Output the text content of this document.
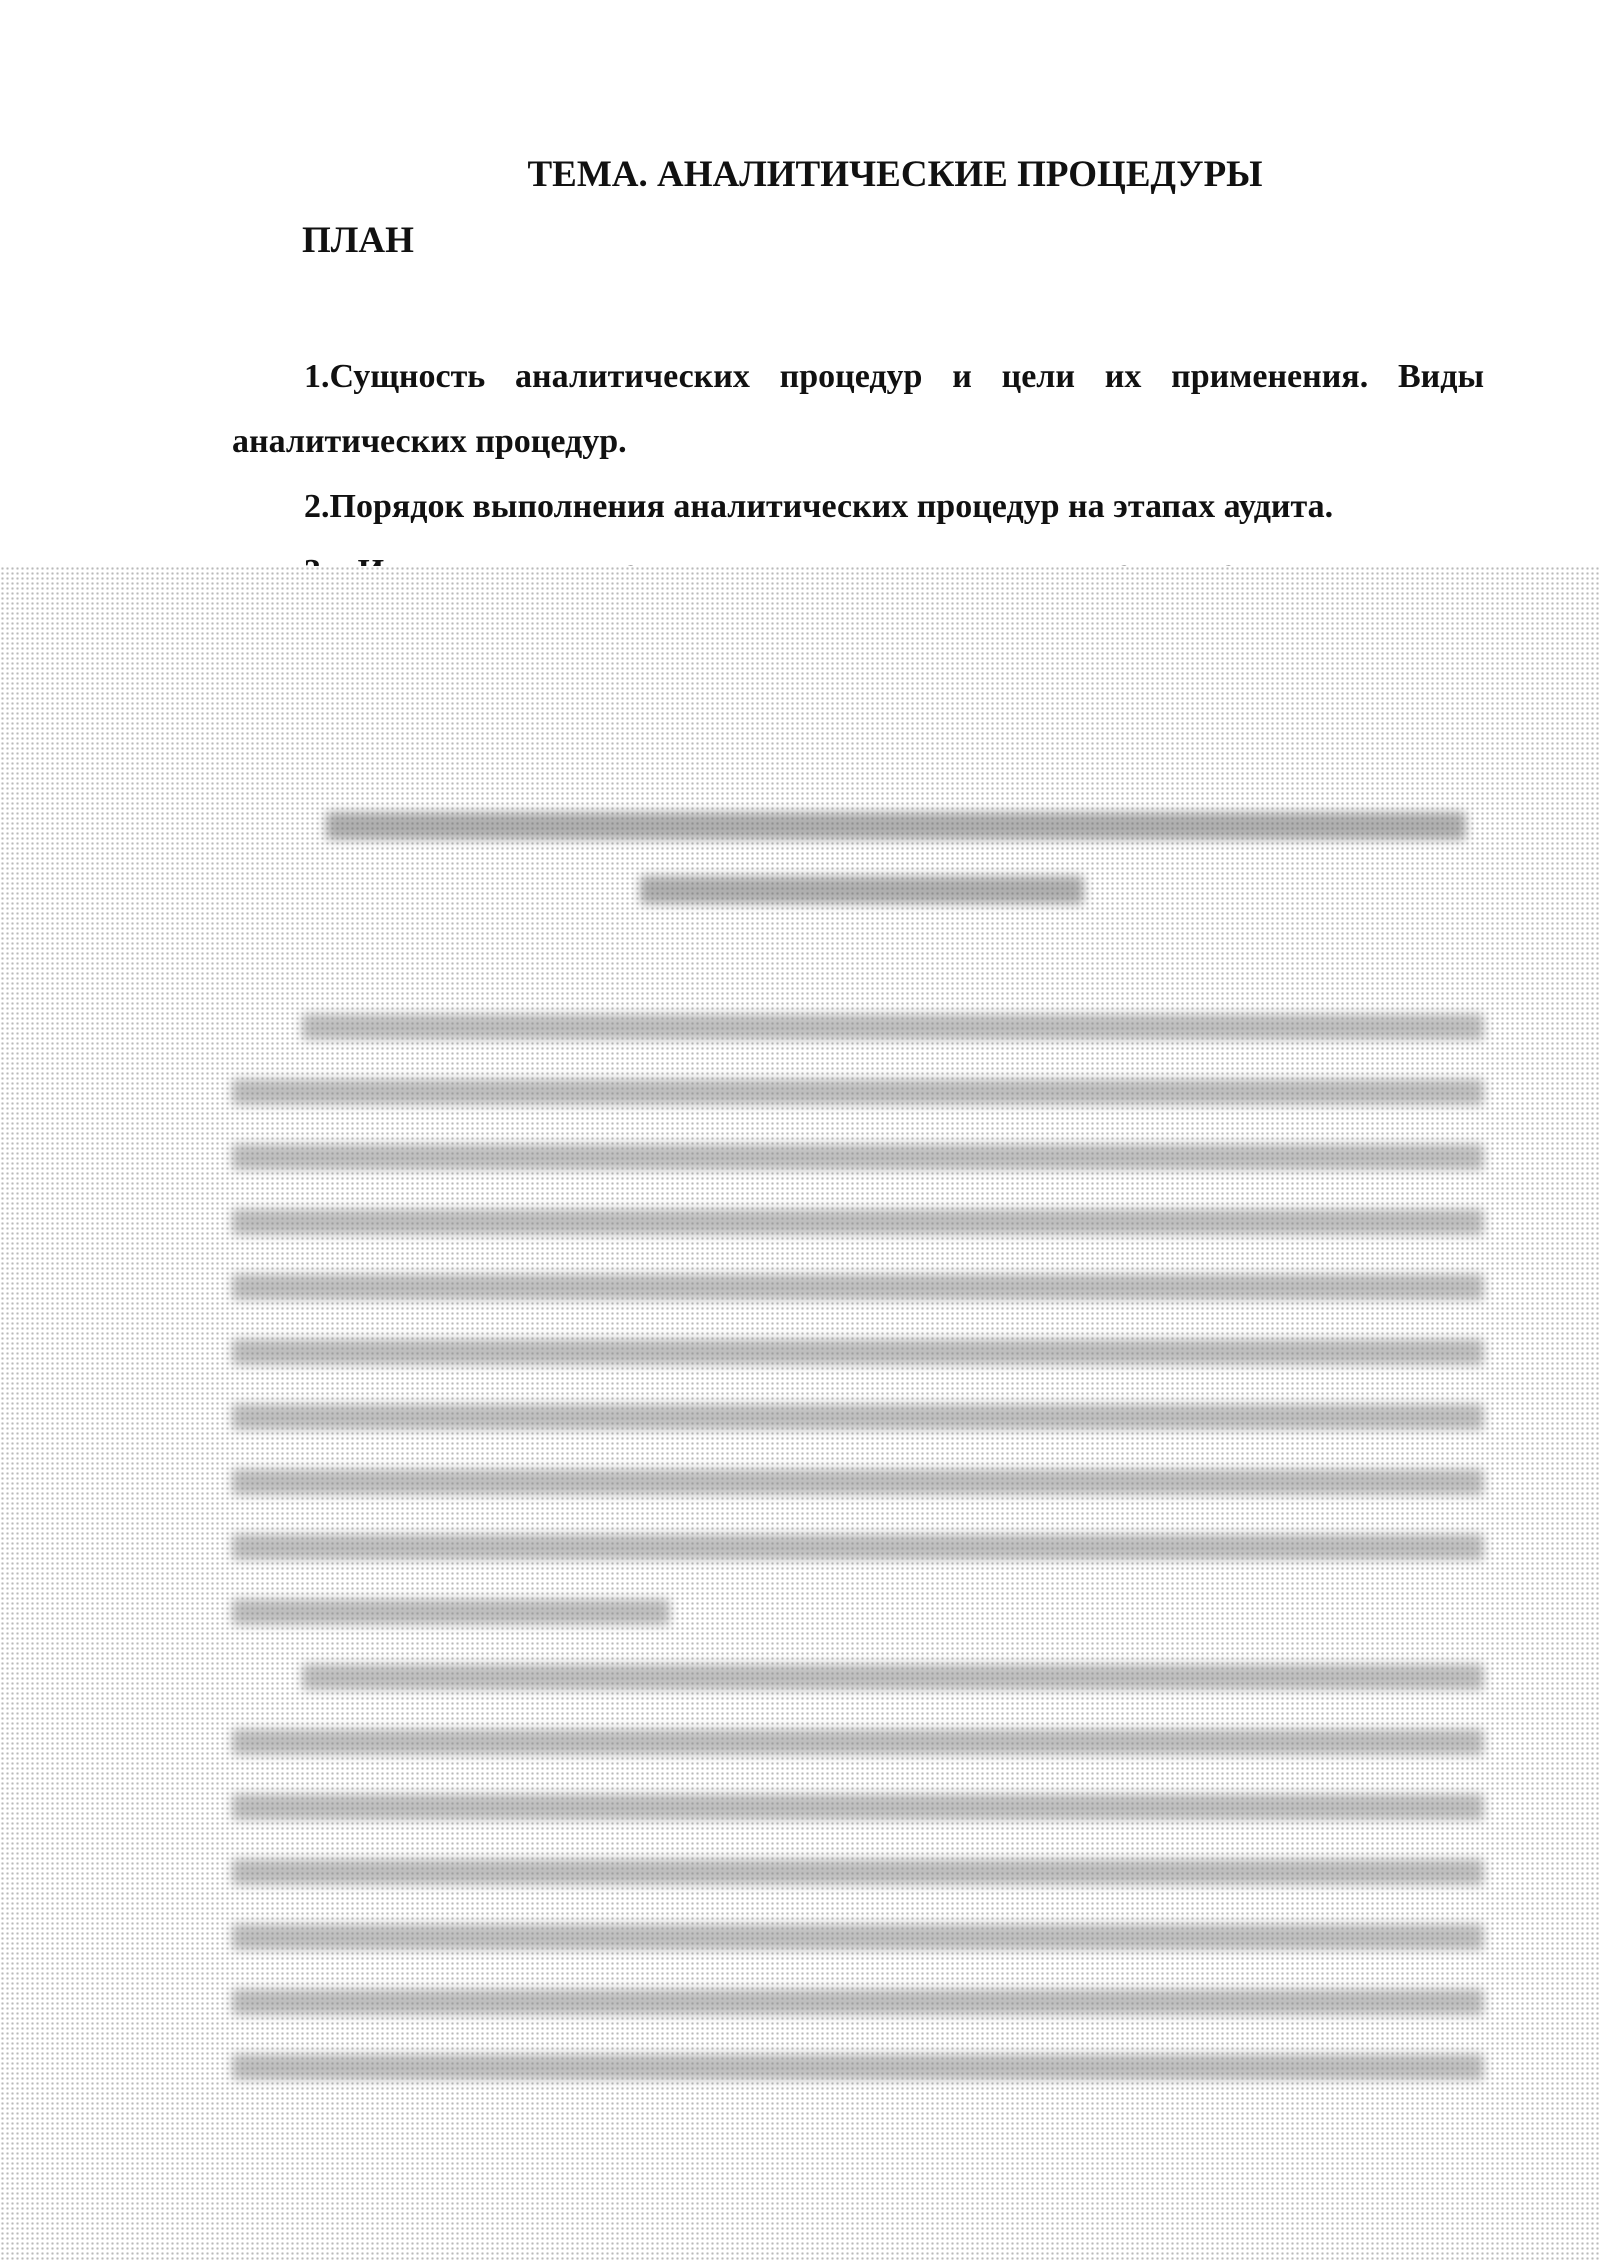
ТЕМА. АНАЛИТИЧЕСКИЕ ПРОЦЕДУРЫ
ПЛАН
1.Сущность аналитических процедур и цели их применения. Виды аналитических процедур.
2.Порядок выполнения аналитических процедур на этапах аудита.
